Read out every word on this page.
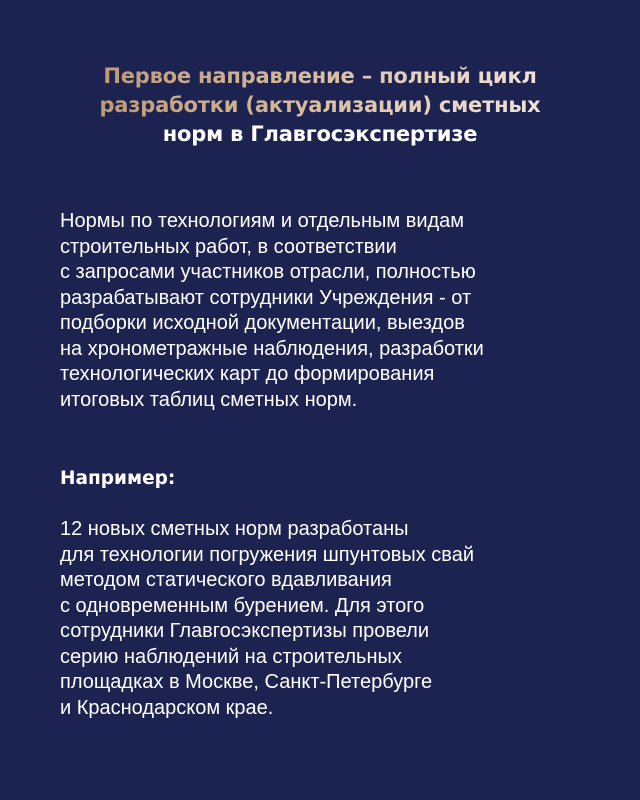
Первое направление – полный цикл
разработки (актуализации) сметных
норм в Главгосэкспертизе

Нормы по технологиям и отдельным видам
строительных работ, в соответствии
с запросами участников отрасли, полностью
разрабатывают сотрудники Учреждения - от
подборки исходной документации, выездов
на хронометражные наблюдения, разработки
технологических карт до формирования
итоговых таблиц сметных норм.

Например:

12 новых сметных норм разработаны
для технологии погружения шпунтовых свай
методом статического вдавливания
с одновременным бурением. Для этого
сотрудники Главгосэкспертизы провели
серию наблюдений на строительных
площадках в Москве, Санкт-Петербурге
и Краснодарском крае.
